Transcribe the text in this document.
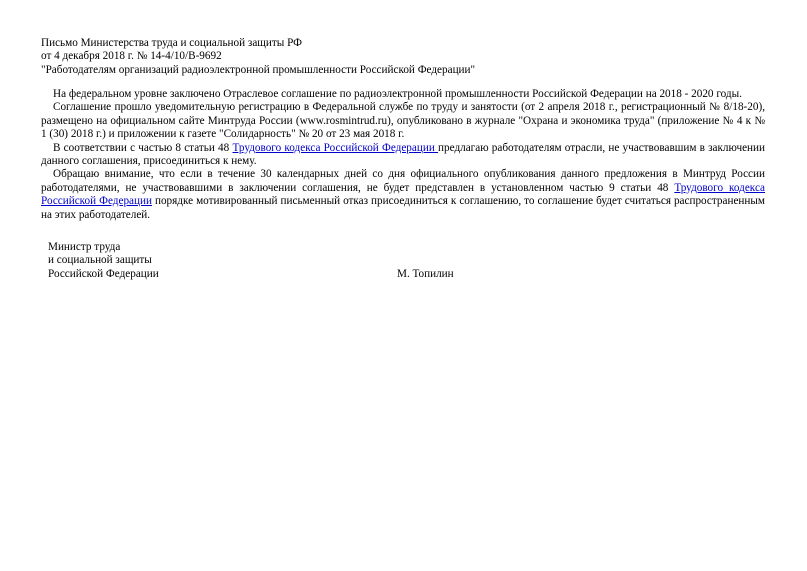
Письмо Министерства труда и социальной защиты РФ
от 4 декабря 2018 г. № 14-4/10/В-9692
"Работодателям организаций радиоэлектронной промышленности Российской Федерации"

На федеральном уровне заключено Отраслевое соглашение по радиоэлектронной промышленности Российской Федерации на 2018 - 2020 годы.

Соглашение прошло уведомительную регистрацию в Федеральной службе по труду и занятости (от 2 апреля 2018 г., регистрационный № 8/18-20), размещено на официальном сайте Минтруда России (www.rosmintrud.ru), опубликовано в журнале "Охрана и экономика труда" (приложение № 4 к № 1 (30) 2018 г.) и приложении к газете "Солидарность" № 20 от 23 мая 2018 г.

В соответствии с частью 8 статьи 48 Трудового кодекса Российской Федерации предлагаю работодателям отрасли, не участвовавшим в заключении данного соглашения, присоединиться к нему.

Обращаю внимание, что если в течение 30 календарных дней со дня официального опубликования данного предложения в Минтруд России работодателями, не участвовавшими в заключении соглашения, не будет представлен в установленном частью 9 статьи 48 Трудового кодекса Российской Федерации порядке мотивированный письменный отказ присоединиться к соглашению, то соглашение будет считаться распространенным на этих работодателей.

Министр труда
и социальной защиты
Российской Федерации	М. Топилин
